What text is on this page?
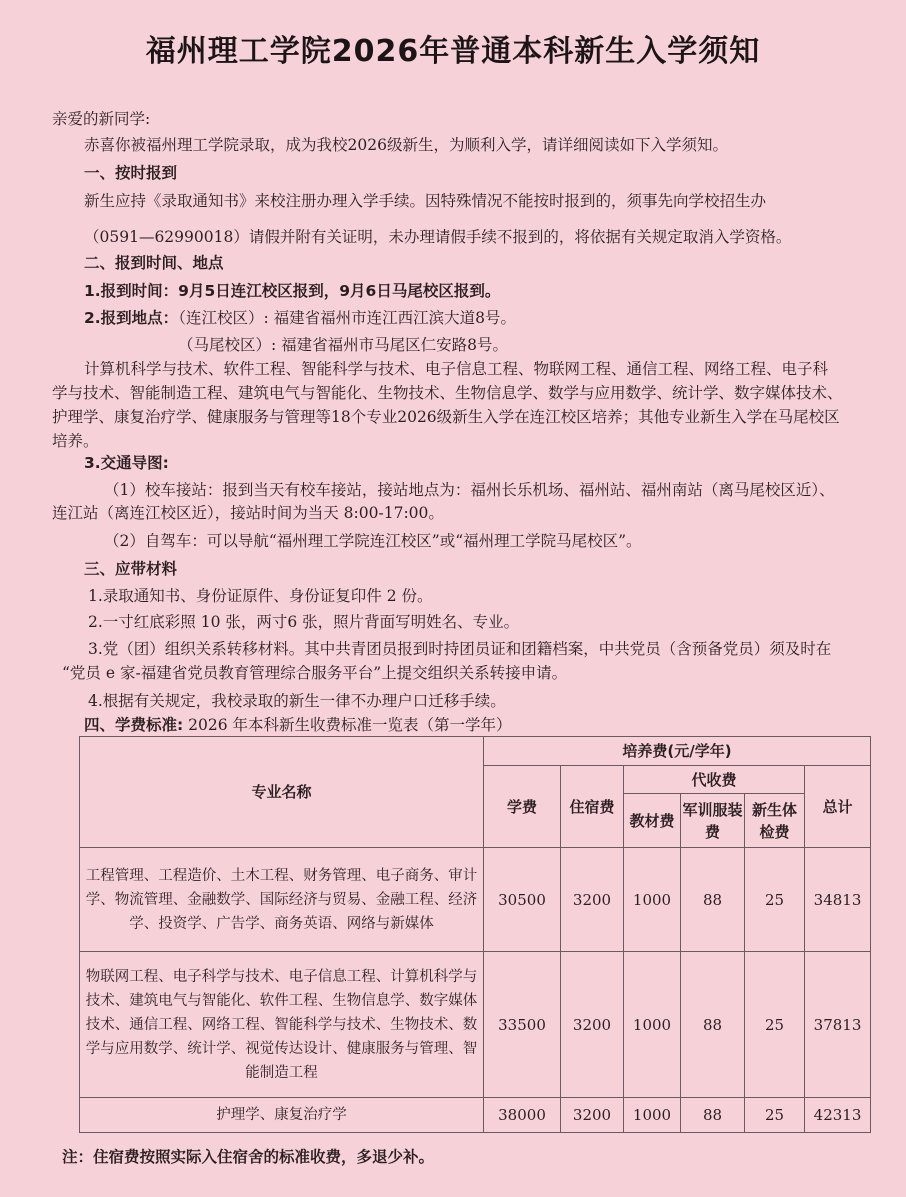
福州理工学院2026年普通本科新生入学须知
亲爱的新同学:
赤喜你被福州理工学院录取，成为我校2026级新生，为顺利入学，请详细阅读如下入学须知。
一、按时报到
新生应持《录取通知书》来校注册办理入学手续。因特殊情况不能按时报到的，须事先向学校招生办
（0591—62990018）请假并附有关证明，未办理请假手续不报到的，将依据有关规定取消入学资格。
二、报到时间、地点
1.报到时间：9月5日连江校区报到，9月6日马尾校区报到。
2.报到地点：（连江校区）: 福建省福州市连江西江滨大道8号。
（马尾校区）: 福建省福州市马尾区仁安路8号。
计算机科学与技术、软件工程、智能科学与技术、电子信息工程、物联网工程、通信工程、网络工程、电子科
学与技术、智能制造工程、建筑电气与智能化、生物技术、生物信息学、数学与应用数学、统计学、数字媒体技术、
护理学、康复治疗学、健康服务与管理等18个专业2026级新生入学在连江校区培养；其他专业新生入学在马尾校区
培养。
3.交通导图:
（1）校车接站：报到当天有校车接站，接站地点为：福州长乐机场、福州站、福州南站（离马尾校区近）、
连江站（离连江校区近），接站时间为当天 8:00-17:00。
（2）自驾车：可以导航“福州理工学院连江校区”或“福州理工学院马尾校区”。
三、应带材料
1.录取通知书、身份证原件、身份证复印件 2 份。
2.一寸红底彩照 10 张，两寸6 张，照片背面写明姓名、专业。
3.党（团）组织关系转移材料。其中共青团员报到时持团员证和团籍档案，中共党员（含预备党员）须及时在
“党员 e 家-福建省党员教育管理综合服务平台”上提交组织关系转接申请。
4.根据有关规定，我校录取的新生一律不办理户口迁移手续。
四、学费标准: 2026 年本科新生收费标准一览表（第一学年）
专业名称	培养费(元/学年)					
	学费	住宿费	代收费			总计
			教材费	军训服装费	新生体检费	
工程管理、工程造价、土木工程、财务管理、电子商务、审计学、物流管理、金融数学、国际经济与贸易、金融工程、经济学、投资学、广告学、商务英语、网络与新媒体	30500	3200	1000	88	25	34813
物联网工程、电子科学与技术、电子信息工程、计算机科学与技术、建筑电气与智能化、软件工程、生物信息学、数字媒体技术、通信工程、网络工程、智能科学与技术、生物技术、数学与应用数学、统计学、视觉传达设计、健康服务与管理、智能制造工程	33500	3200	1000	88	25	37813
护理学、康复治疗学	38000	3200	1000	88	25	42313
注：住宿费按照实际入住宿舍的标准收费，多退少补。
